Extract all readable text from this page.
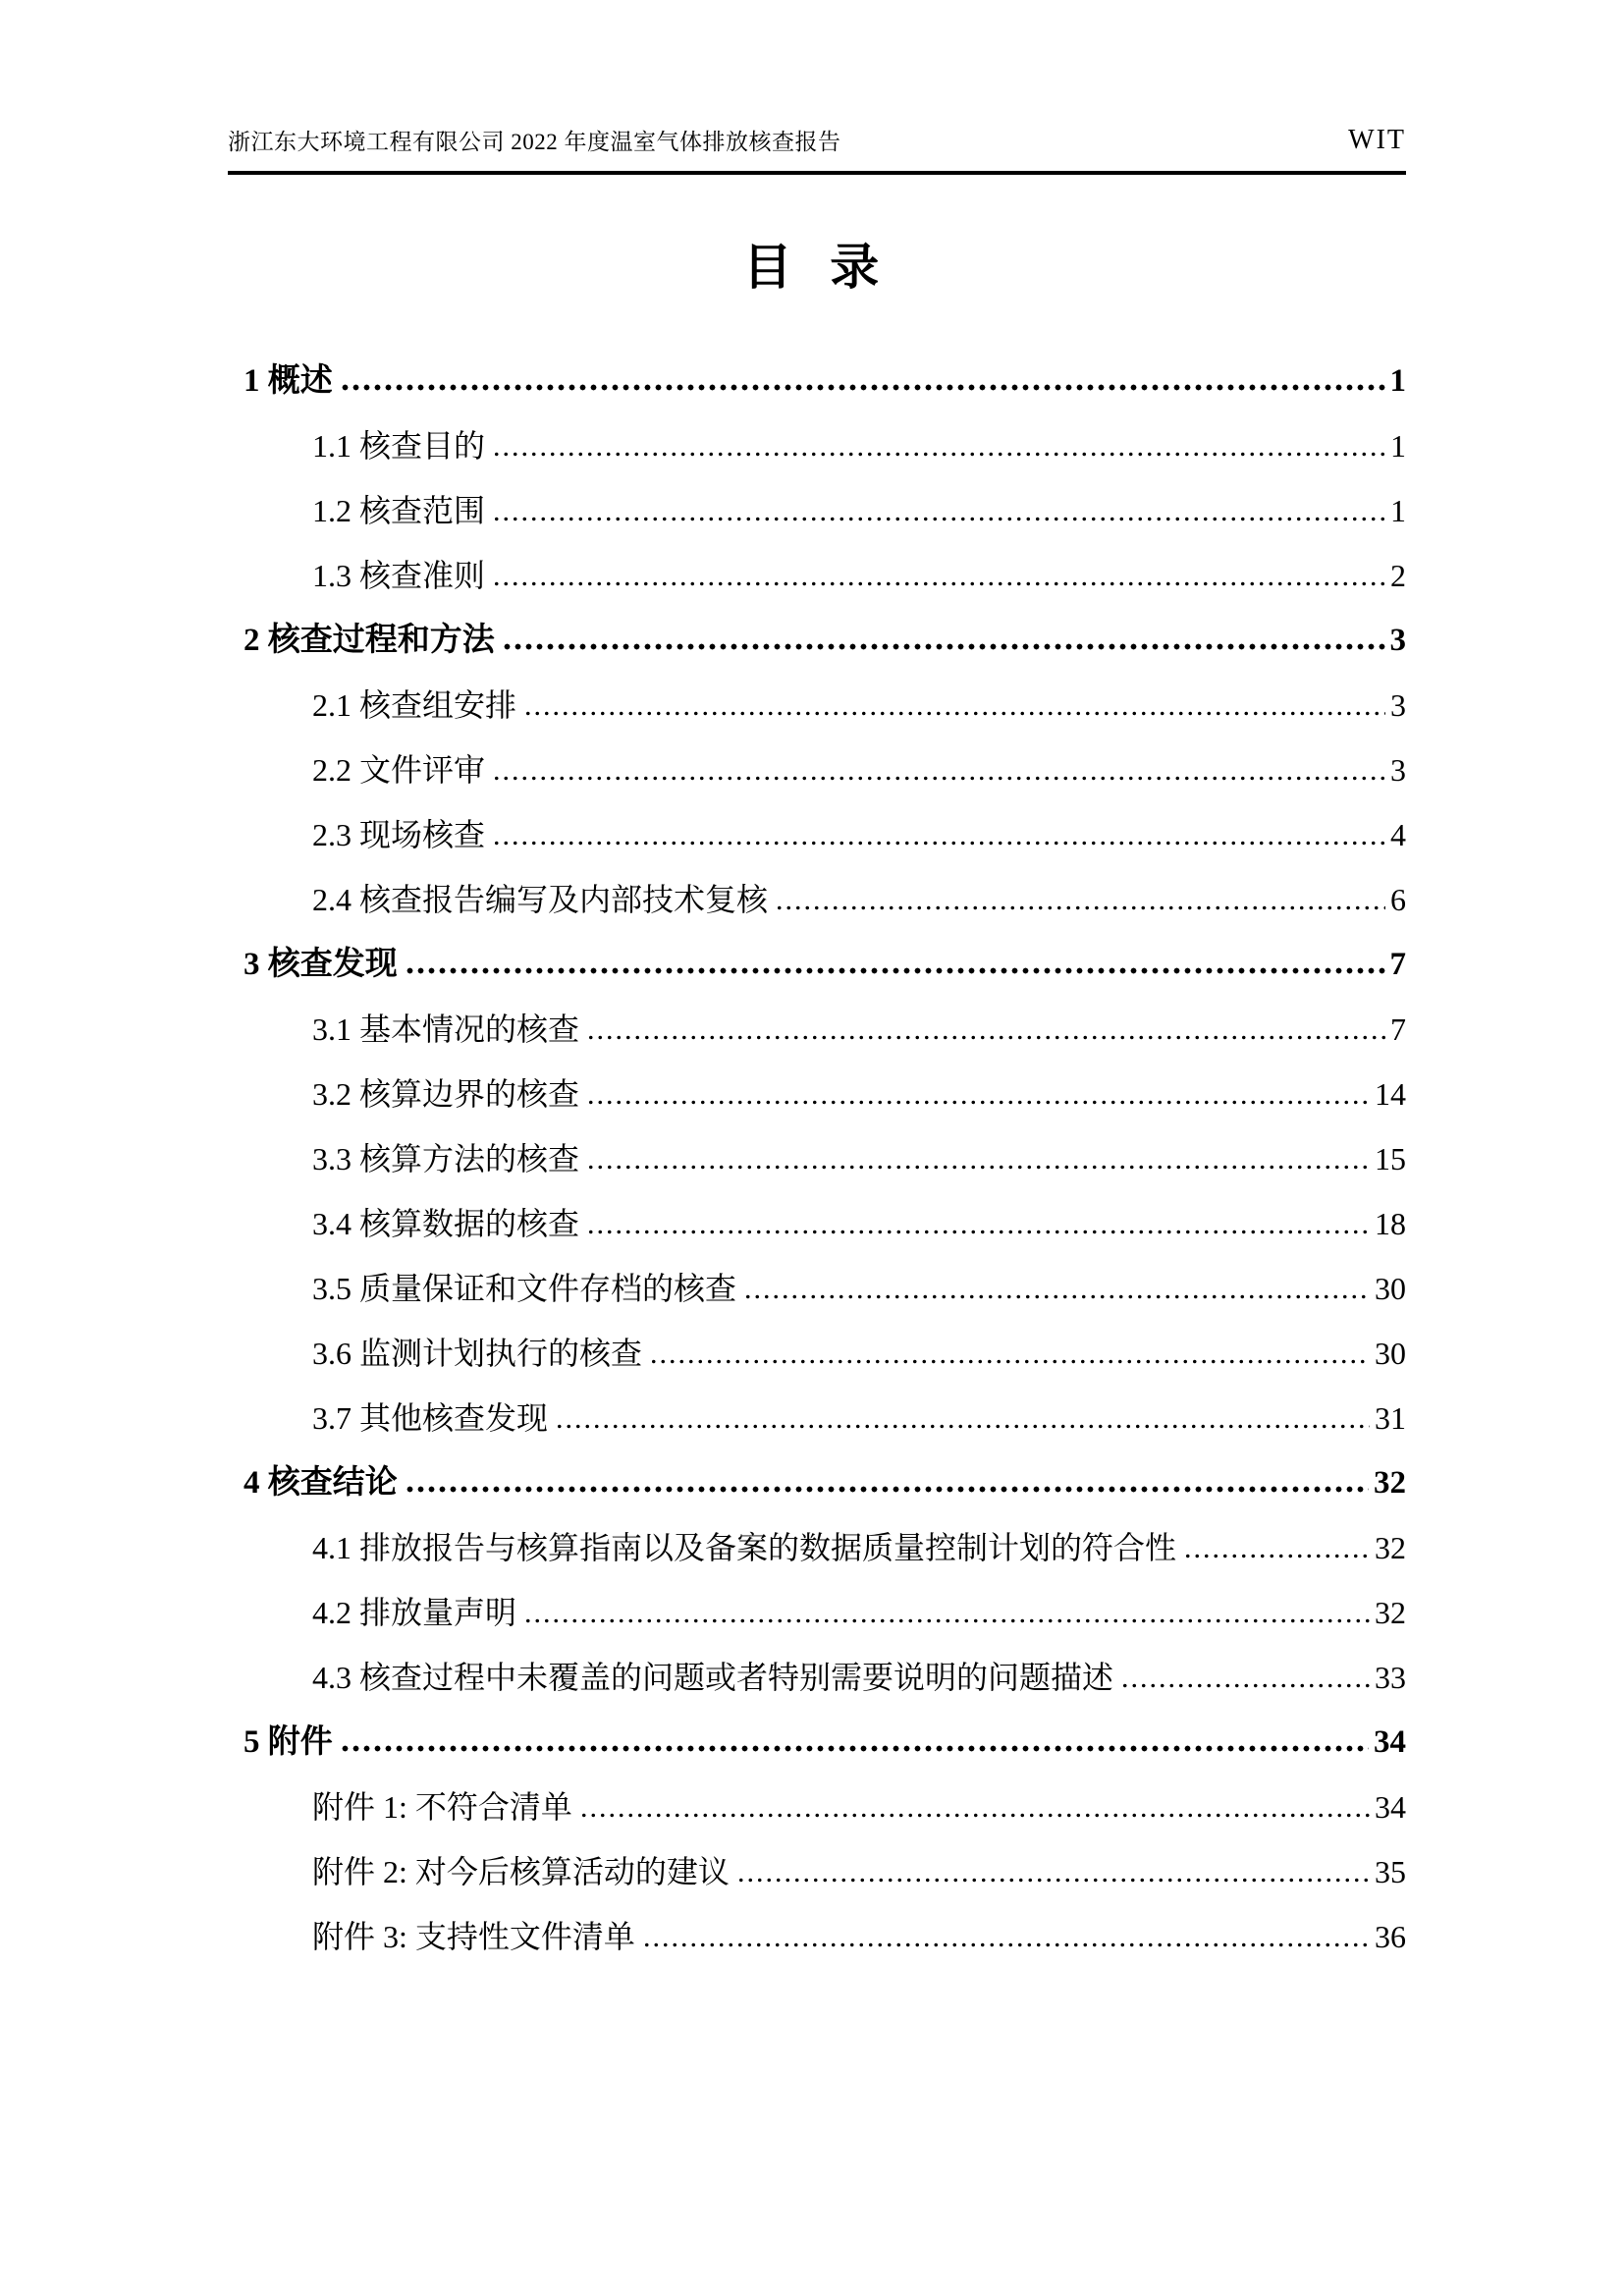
浙江东大环境工程有限公司 2022 年度温室气体排放核查报告	WIT
目 录
1 概述	1
1.1 核查目的	1
1.2 核查范围	1
1.3 核查准则	2
2 核查过程和方法	3
2.1 核查组安排	3
2.2 文件评审	3
2.3 现场核查	4
2.4 核查报告编写及内部技术复核	6
3 核查发现	7
3.1 基本情况的核查	7
3.2 核算边界的核查	14
3.3 核算方法的核查	15
3.4 核算数据的核查	18
3.5 质量保证和文件存档的核查	30
3.6 监测计划执行的核查	30
3.7 其他核查发现	31
4 核查结论	32
4.1 排放报告与核算指南以及备案的数据质量控制计划的符合性	32
4.2 排放量声明	32
4.3 核查过程中未覆盖的问题或者特别需要说明的问题描述	33
5 附件	34
附件 1: 不符合清单	34
附件 2: 对今后核算活动的建议	35
附件 3: 支持性文件清单	36
